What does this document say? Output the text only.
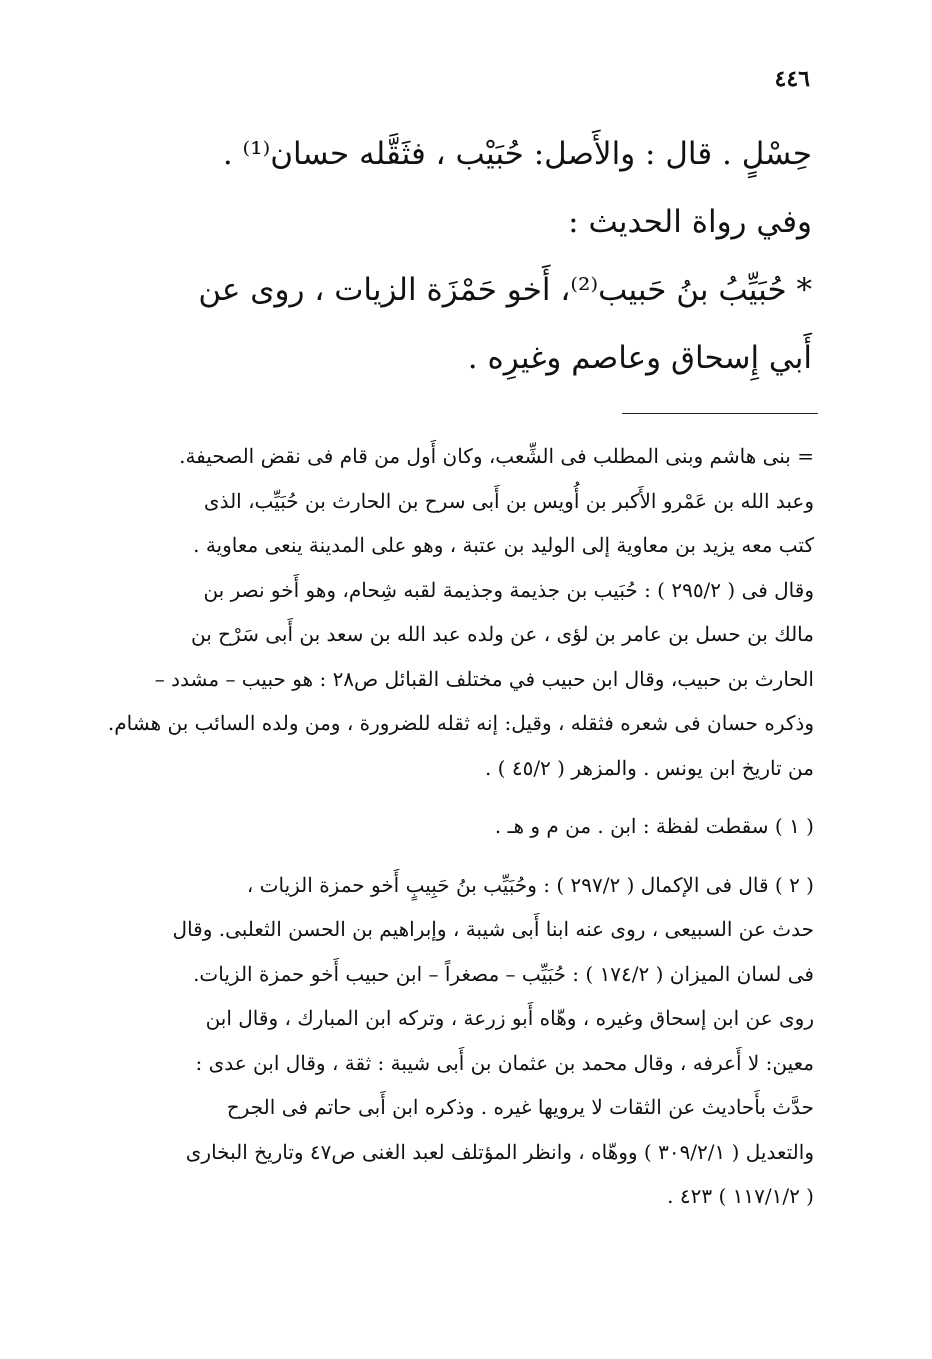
٤٤٦

حِسْلٍ . قال : والأَصل: حُبَيْب ، فثَقَّله حسان⁽¹⁾ .

وفي رواة الحديث :

* حُبَيِّبُ بنُ حَبيب⁽²⁾، أَخو حَمْزَة الزيات ، روى عن

أَبي إِسحاق وعاصم وغيرِه .

= بنى هاشم وبنى المطلب فى الشِّعب، وكان أَول من قام فى نقض الصحيفة.

وعبد الله بن عَمْرو الأَكبر بن أُويس بن أَبى سرح بن الحارث بن حُبَيِّب، الذى

كتب معه يزيد بن معاوية إلى الوليد بن عتبة ، وهو على المدينة ينعى معاوية .

وقال فى ( ٢٩٥/٢ ) : حُبَيب بن جذيمة وجذيمة لقبه شِحام، وهو أَخو نصر بن

مالك بن حسل بن عامر بن لؤى ، عن ولده عبد الله بن سعد بن أَبى سَرْح بن

الحارث بن حبيب، وقال ابن حبيب في مختلف القبائل ص٢٨ : هو حبيب – مشدد –

وذكره حسان فى شعره فثقله ، وقيل: إنه ثقله للضرورة ، ومن ولده السائب بن هشام.

من تاريخ ابن يونس . والمزهر ( ٤٥/٢ ) .

( ١ ) سقطت لفظة : ابن . من م و هـ .

( ٢ ) قال فى الإكمال ( ٢٩٧/٢ ) : وحُبَيِّب بنُ حَبِيبٍ أَخو حمزة الزيات ،

حدث عن السبيعى ، روى عنه ابنا أَبى شيبة ، وإبراهيم بن الحسن الثعلبى. وقال

فى لسان الميزان ( ١٧٤/٢ ) : حُبَيِّب – مصغراً – ابن حبيب أَخو حمزة الزيات.

روى عن ابن إسحاق وغيره ، وهّاه أَبو زرعة ، وتركه ابن المبارك ، وقال ابن

معين: لا أَعرفه ، وقال محمد بن عثمان بن أَبى شيبة : ثقة ، وقال ابن عدى :

حدَّث بأَحاديث عن الثقات لا يرويها غيره . وذكره ابن أَبى حاتم فى الجرح

والتعديل ( ٣٠٩/٢/١ ) ووهّاه ، وانظر المؤتلف لعبد الغنى ص٤٧ وتاريخ البخارى

( ١١٧/١/٢ ) ٤٢٣ .
